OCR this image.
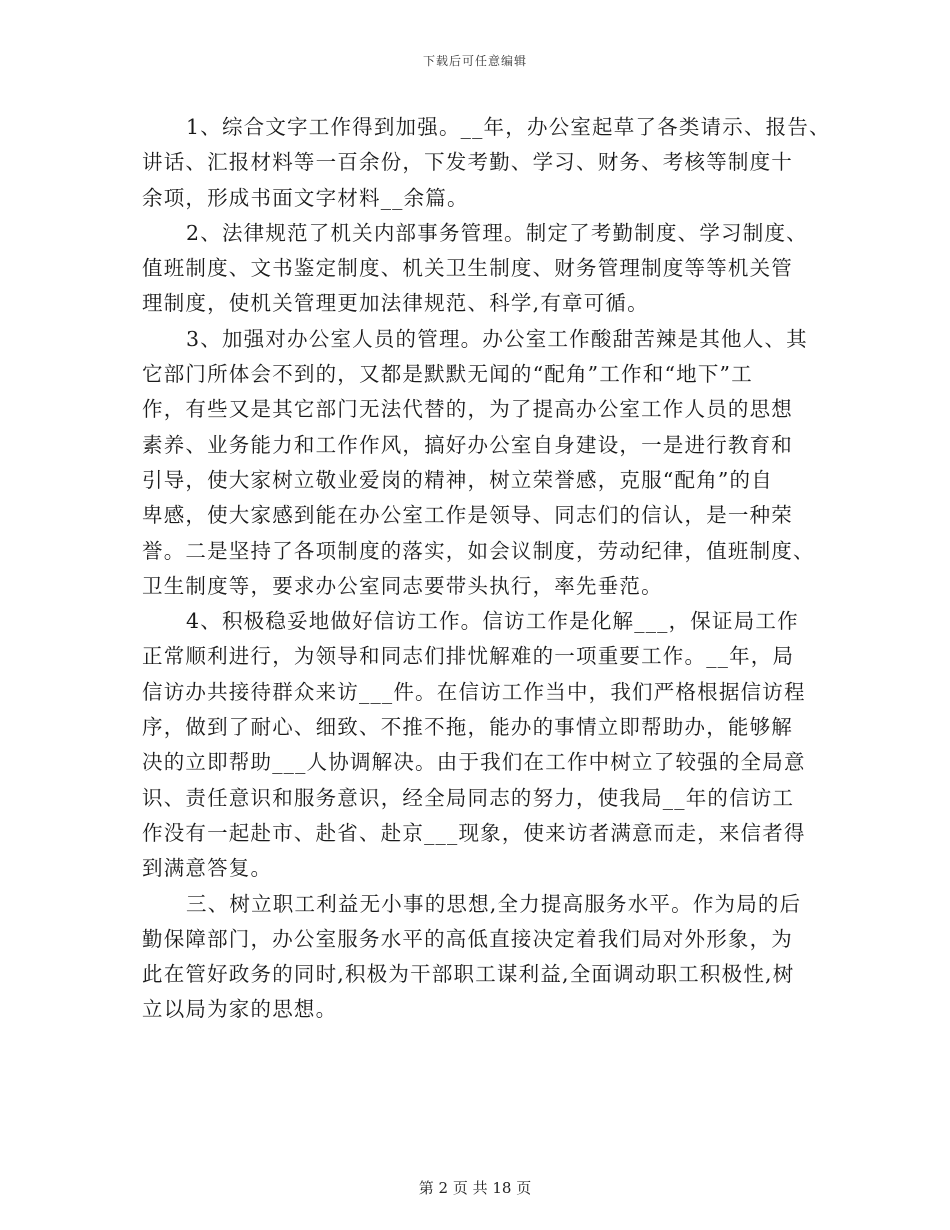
下载后可任意编辑
1、综合文字工作得到加强。__年，办公室起草了各类请示、报告、
讲话、汇报材料等一百余份，下发考勤、学习、财务、考核等制度十
余项，形成书面文字材料__余篇。
2、法律规范了机关内部事务管理。制定了考勤制度、学习制度、
值班制度、文书鉴定制度、机关卫生制度、财务管理制度等等机关管
理制度，使机关管理更加法律规范、科学,有章可循。
3、加强对办公室人员的管理。办公室工作酸甜苦辣是其他人、其
它部门所体会不到的，又都是默默无闻的“配角”工作和“地下”工
作，有些又是其它部门无法代替的，为了提高办公室工作人员的思想
素养、业务能力和工作作风，搞好办公室自身建设，一是进行教育和
引导，使大家树立敬业爱岗的精神，树立荣誉感，克服“配角”的自
卑感，使大家感到能在办公室工作是领导、同志们的信认，是一种荣
誉。二是坚持了各项制度的落实，如会议制度，劳动纪律，值班制度、
卫生制度等，要求办公室同志要带头执行，率先垂范。
4、积极稳妥地做好信访工作。信访工作是化解___，保证局工作
正常顺利进行，为领导和同志们排忧解难的一项重要工作。__年，局
信访办共接待群众来访___件。在信访工作当中，我们严格根据信访程
序，做到了耐心、细致、不推不拖，能办的事情立即帮助办，能够解
决的立即帮助___人协调解决。由于我们在工作中树立了较强的全局意
识、责任意识和服务意识，经全局同志的努力，使我局__年的信访工
作没有一起赴市、赴省、赴京___现象，使来访者满意而走，来信者得
到满意答复。
三、树立职工利益无小事的思想,全力提高服务水平。作为局的后
勤保障部门，办公室服务水平的高低直接决定着我们局对外形象，为
此在管好政务的同时,积极为干部职工谋利益,全面调动职工积极性,树
立以局为家的思想。
第 2 页 共 18 页
